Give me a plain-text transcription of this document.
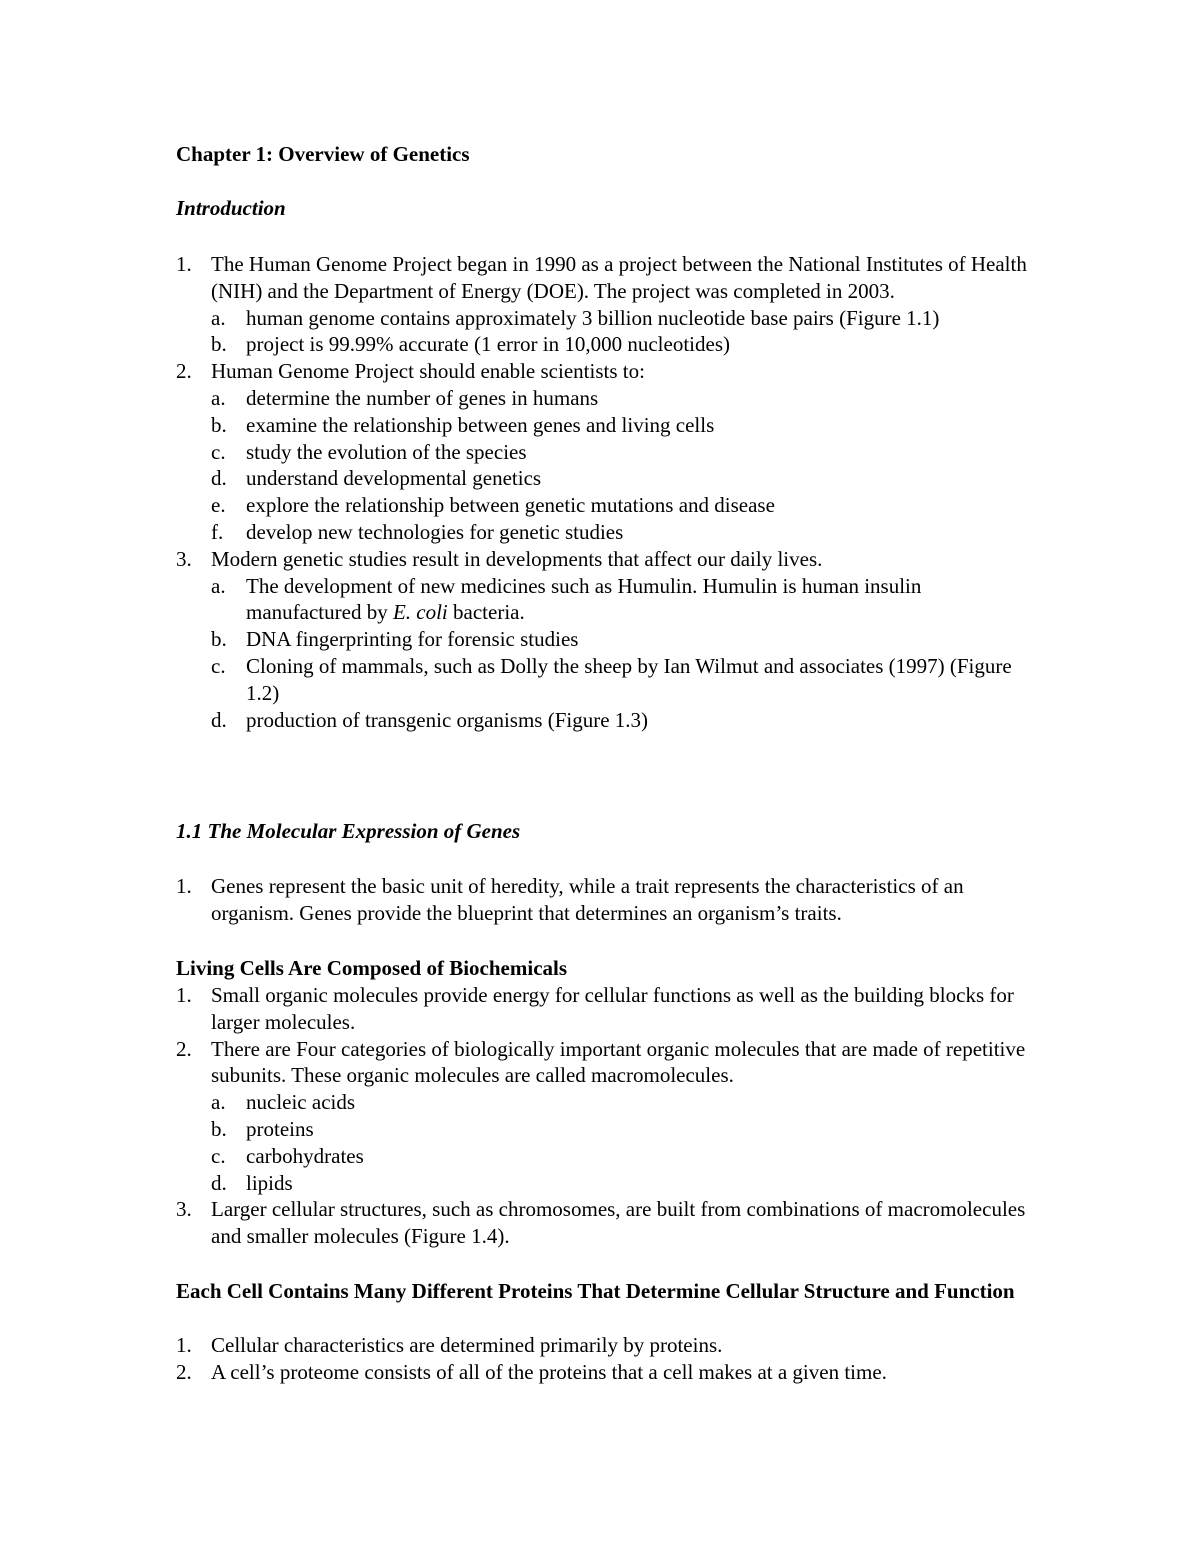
Chapter 1: Overview of Genetics
Introduction
1. The Human Genome Project began in 1990 as a project between the National Institutes of Health (NIH) and the Department of Energy (DOE). The project was completed in 2003.
a. human genome contains approximately 3 billion nucleotide base pairs (Figure 1.1)
b. project is 99.99% accurate (1 error in 10,000 nucleotides)
2. Human Genome Project should enable scientists to:
a. determine the number of genes in humans
b. examine the relationship between genes and living cells
c. study the evolution of the species
d. understand developmental genetics
e. explore the relationship between genetic mutations and disease
f. develop new technologies for genetic studies
3. Modern genetic studies result in developments that affect our daily lives.
a. The development of new medicines such as Humulin. Humulin is human insulin manufactured by E. coli bacteria.
b. DNA fingerprinting for forensic studies
c. Cloning of mammals, such as Dolly the sheep by Ian Wilmut and associates (1997) (Figure 1.2)
d. production of transgenic organisms (Figure 1.3)
1.1 The Molecular Expression of Genes
1. Genes represent the basic unit of heredity, while a trait represents the characteristics of an organism. Genes provide the blueprint that determines an organism’s traits.
Living Cells Are Composed of Biochemicals
1. Small organic molecules provide energy for cellular functions as well as the building blocks for larger molecules.
2. There are Four categories of biologically important organic molecules that are made of repetitive subunits. These organic molecules are called macromolecules.
a. nucleic acids
b. proteins
c. carbohydrates
d. lipids
3. Larger cellular structures, such as chromosomes, are built from combinations of macromolecules and smaller molecules (Figure 1.4).
Each Cell Contains Many Different Proteins That Determine Cellular Structure and Function
1. Cellular characteristics are determined primarily by proteins.
2. A cell’s proteome consists of all of the proteins that a cell makes at a given time.
